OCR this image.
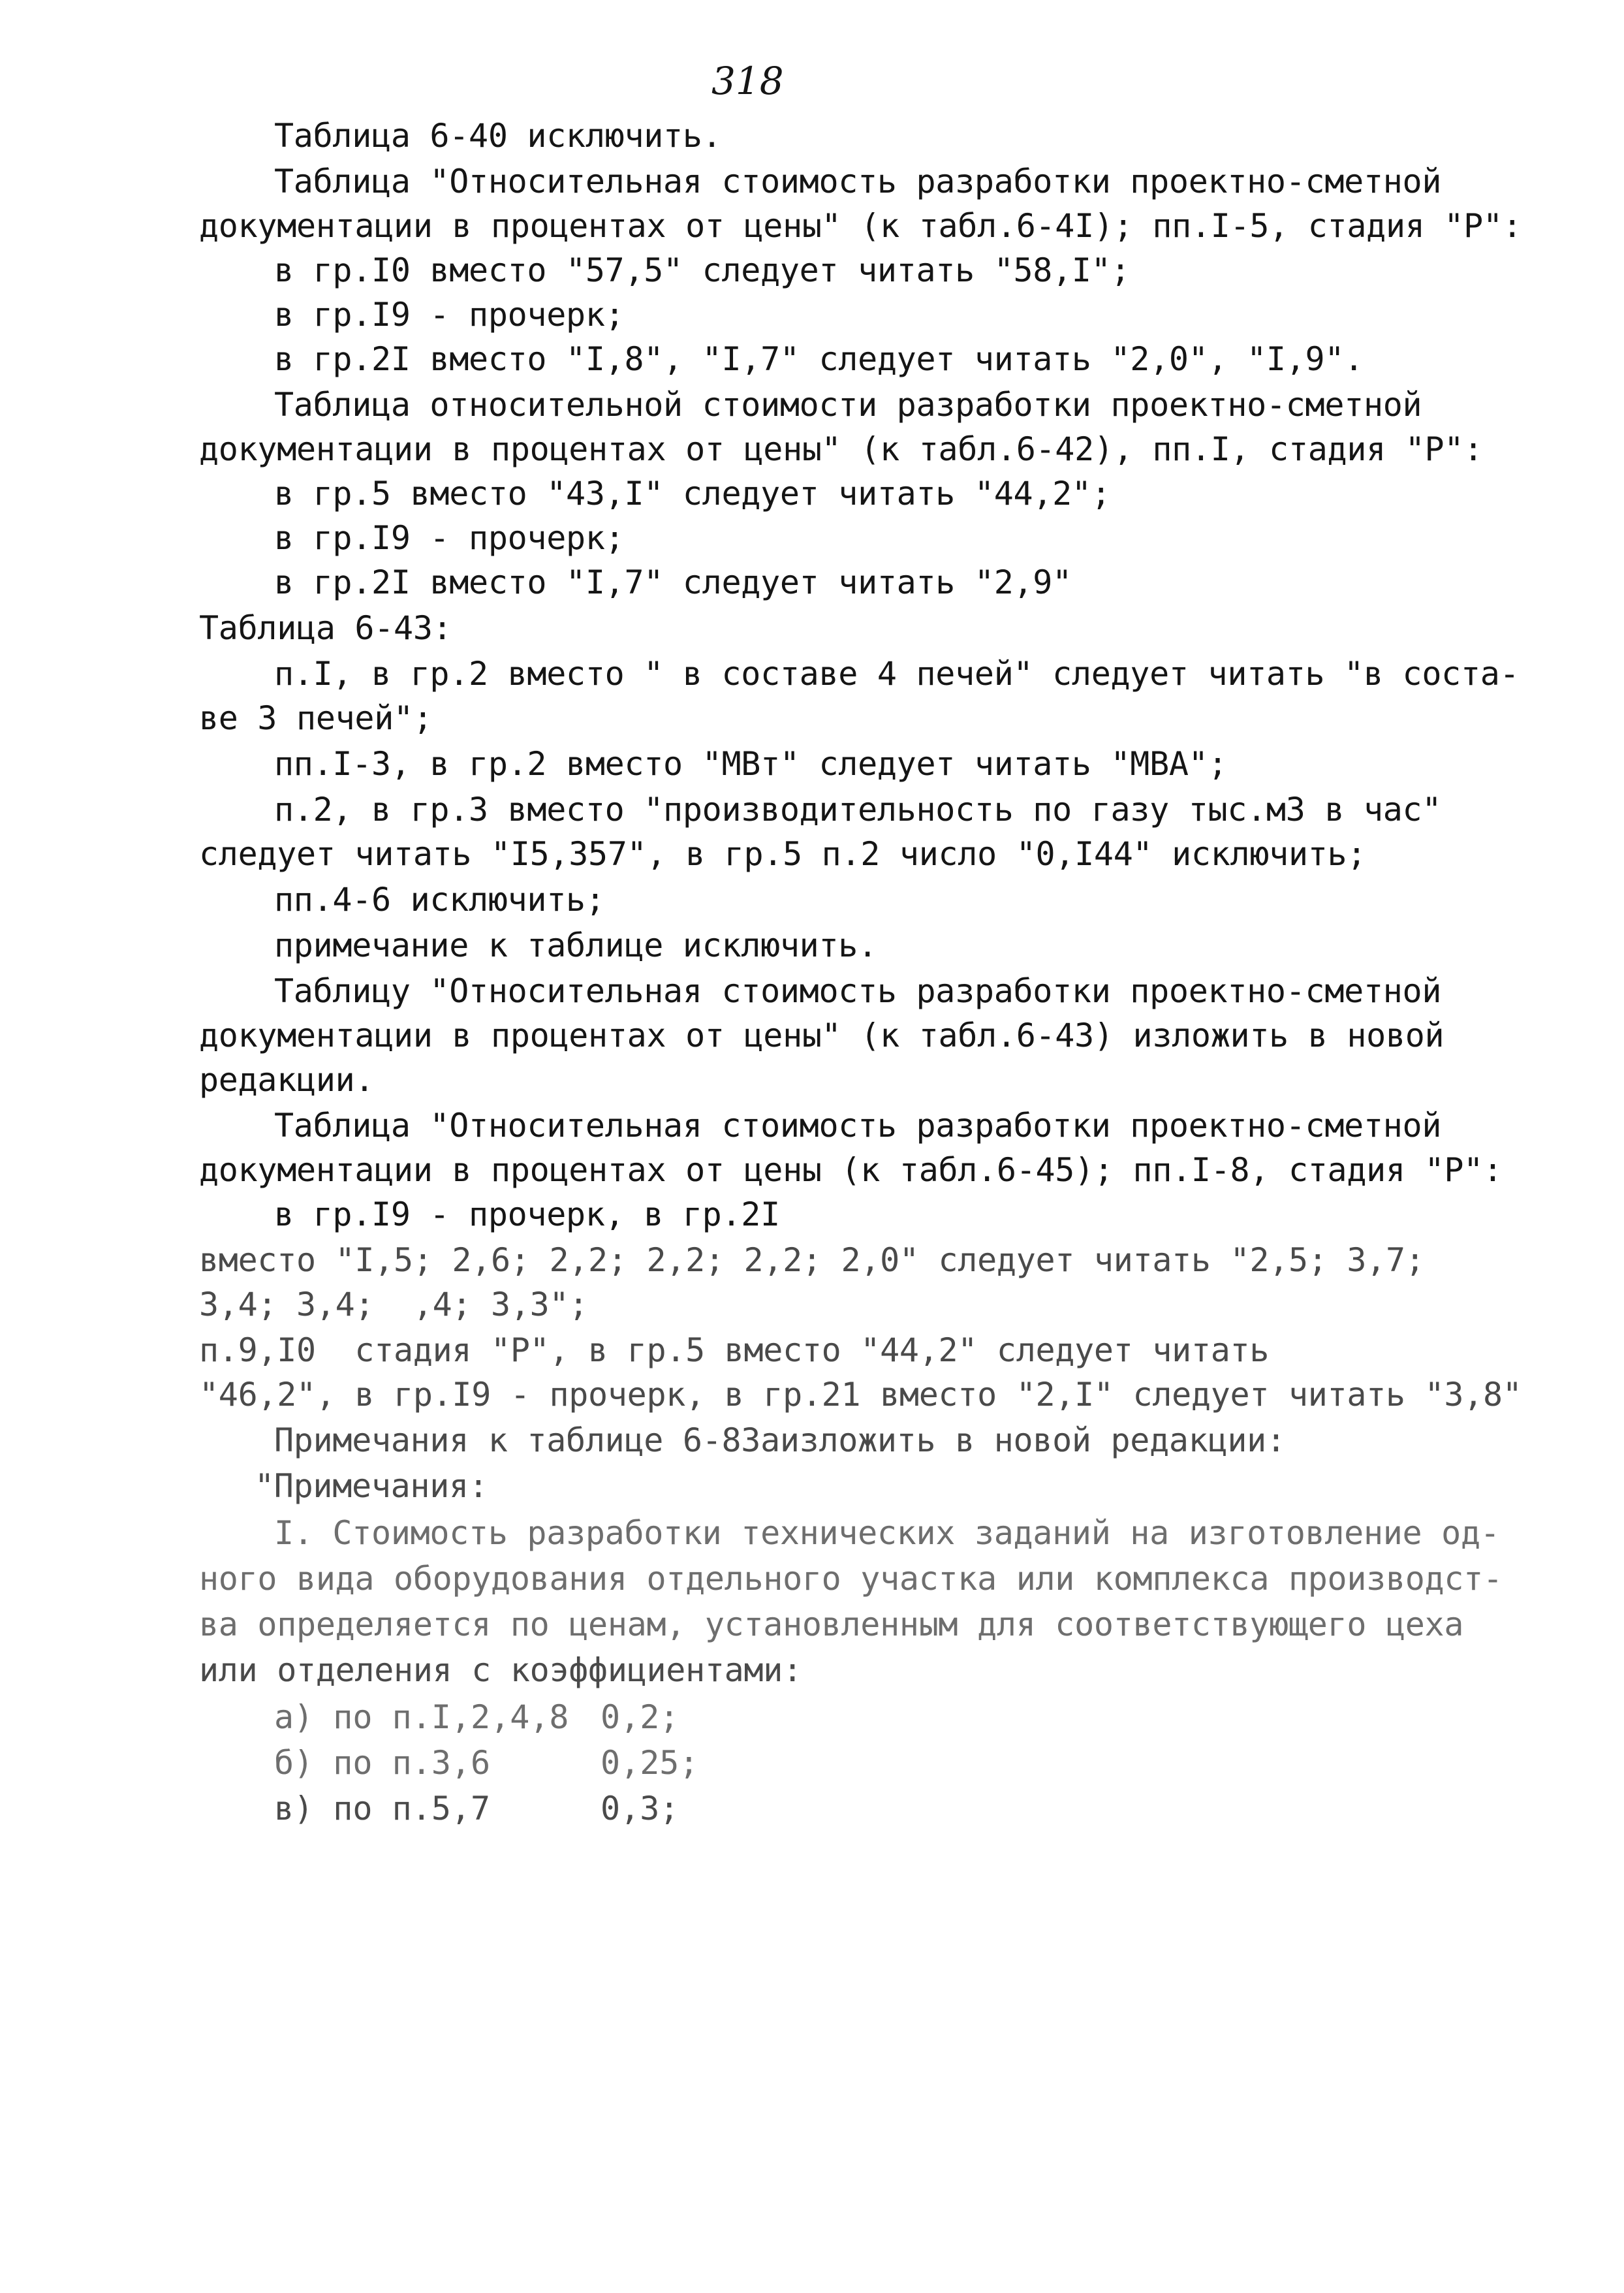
318
Таблица 6-40 исключить.
Таблица "Относительная стоимость разработки проектно-сметной
документации в процентах от цены" (к табл.6-4I); пп.I-5, стадия "Р":
в гр.I0 вместо "57,5" следует читать "58,I";
в гр.I9 - прочерк;
в гр.2I вместо "I,8", "I,7" следует читать "2,0", "I,9".
Таблица относительной стоимости разработки проектно-сметной
документации в процентах от цены" (к табл.6-42), пп.I, стадия "Р":
в гр.5 вместо "43,I" следует читать "44,2";
в гр.I9 - прочерк;
в гр.2I вместо "I,7" следует читать "2,9"
Таблица 6-43:
п.I, в гр.2 вместо " в составе 4 печей" следует читать "в соста-
ве 3 печей";
пп.I-3, в гр.2 вместо "МВт" следует читать "МВА";
п.2, в гр.3 вместо "производительность по газу тыс.м3 в час"
следует читать "I5,357", в гр.5 п.2 число "0,I44" исключить;
пп.4-6 исключить;
примечание к таблице исключить.
Таблицу "Относительная стоимость разработки проектно-сметной
документации в процентах от цены" (к табл.6-43) изложить в новой
редакции.
Таблица "Относительная стоимость разработки проектно-сметной
документации в процентах от цены (к табл.6-45); пп.I-8, стадия "Р":
в гр.I9 - прочерк, в гр.2I
вместо "I,5; 2,6; 2,2; 2,2; 2,2; 2,0" следует читать "2,5; 3,7;
3,4; 3,4;  ,4; 3,3";
п.9,I0  стадия "Р", в гр.5 вместо "44,2" следует читать
"46,2", в гр.I9 - прочерк, в гр.21 вместо "2,I" следует читать "3,8"
Примечания к таблице 6-83аизложить в новой редакции:
"Примечания:
I. Стоимость разработки технических заданий на изготовление од-
ного вида оборудования отдельного участка или комплекса производст-
ва определяется по ценам, установленным для соответствующего цеха
или отделения с коэффициентами:
а) по п.I,2,4,8 0,2;
б) по п.3,6	0,25;
в) по п.5,7	0,3;
